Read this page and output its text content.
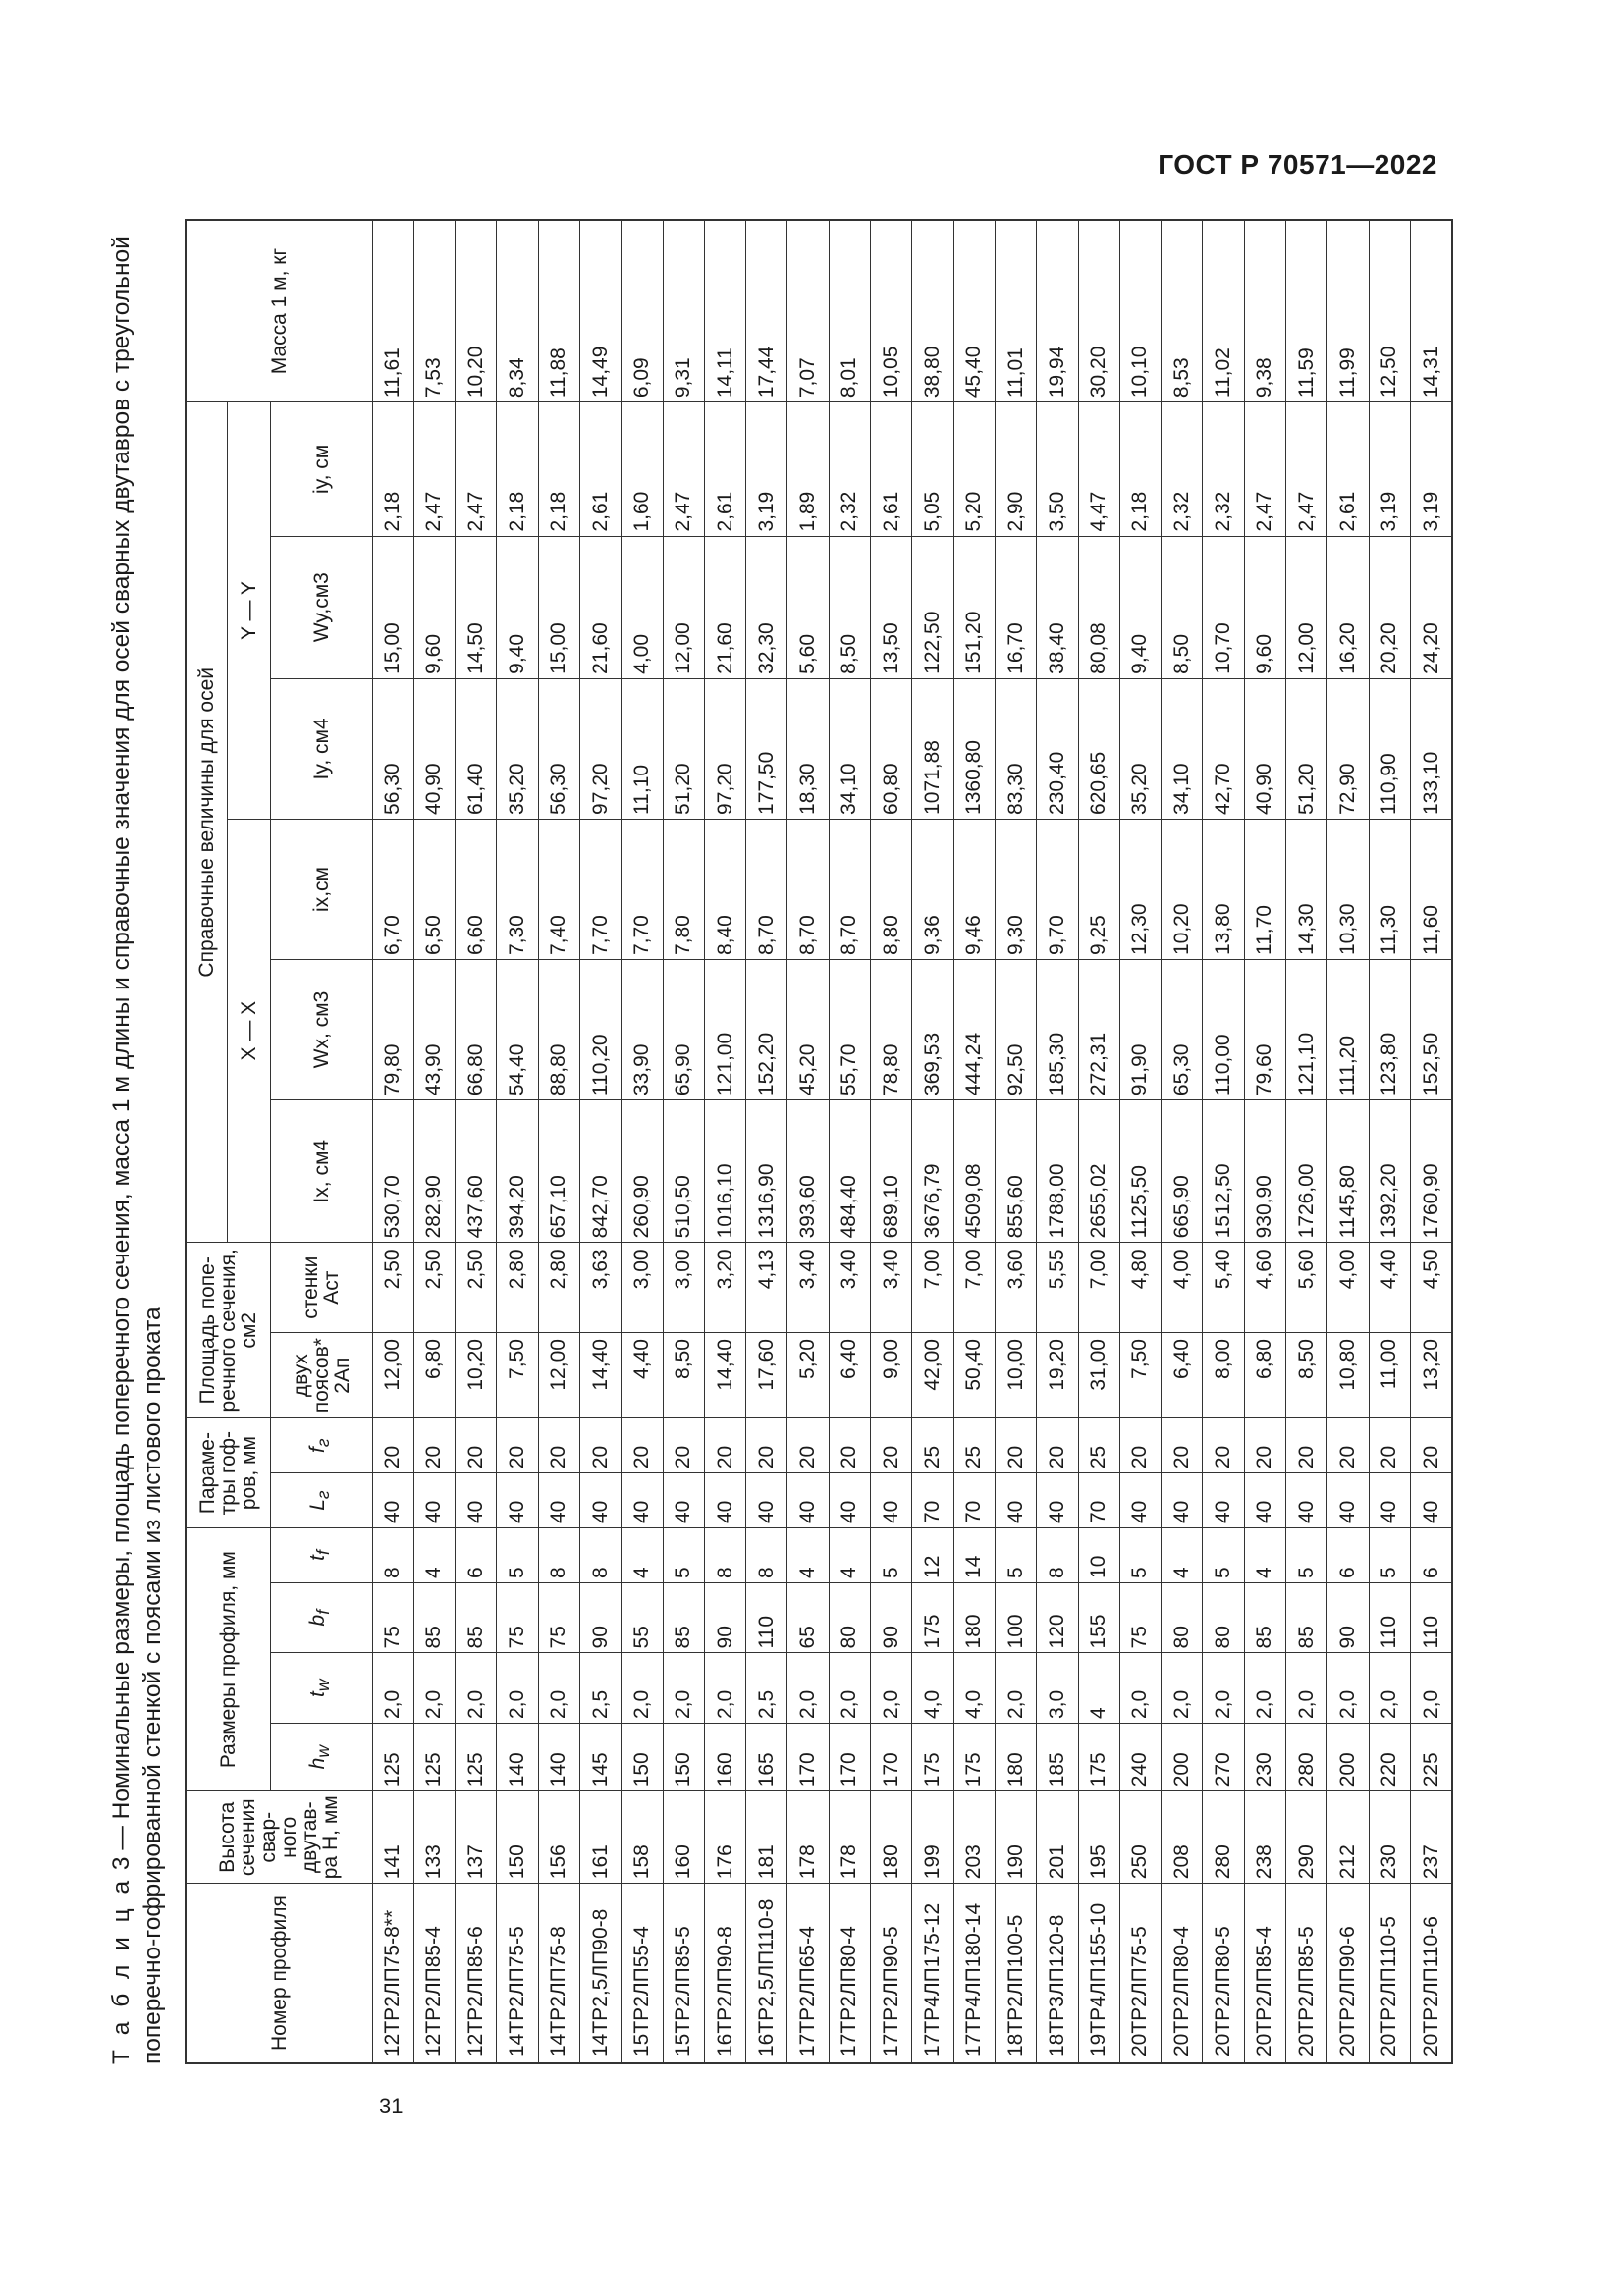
ГОСТ Р 70571—2022
Т а б л и ц а 3 — Номинальные размеры, площадь поперечного сечения, масса 1 м длины и справочные значения для осей сварных двутавров с треугольной поперечно-гофрированной стенкой с поясами из листового проката	Номер профиля	Высота сечения сварного двутавра H, мм	Размеры профиля, мм				Параметры гофров, мм		Площадь поперечного сечения, см2		Справочные величины для осей						Масса 1 м, кг
										X — X			Y — Y			
		$h_w$	$t_w$	$b_f$	$t_f$	$L_г$	$f_г$	двух поясов* 2Aп	стенки Aст	Ix, см4	Wx, см3	ix,см	Iy, см4	Wy,см3	iy, см	
12ТР2ЛП75-8**	141	125	2,0	75	8	40	20	12,00	2,50	530,70	79,80	6,70	56,30	15,00	2,18	11,61
12ТР2ЛП85-4	133	125	2,0	85	4	40	20	6,80	2,50	282,90	43,90	6,50	40,90	9,60	2,47	7,53
12ТР2ЛП85-6	137	125	2,0	85	6	40	20	10,20	2,50	437,60	66,80	6,60	61,40	14,50	2,47	10,20
14ТР2ЛП75-5	150	140	2,0	75	5	40	20	7,50	2,80	394,20	54,40	7,30	35,20	9,40	2,18	8,34
14ТР2ЛП75-8	156	140	2,0	75	8	40	20	12,00	2,80	657,10	88,80	7,40	56,30	15,00	2,18	11,88
14ТР2,5ЛП90-8	161	145	2,5	90	8	40	20	14,40	3,63	842,70	110,20	7,70	97,20	21,60	2,61	14,49
15ТР2ЛП55-4	158	150	2,0	55	4	40	20	4,40	3,00	260,90	33,90	7,70	11,10	4,00	1,60	6,09
15ТР2ЛП85-5	160	150	2,0	85	5	40	20	8,50	3,00	510,50	65,90	7,80	51,20	12,00	2,47	9,31
16ТР2ЛП90-8	176	160	2,0	90	8	40	20	14,40	3,20	1016,10	121,00	8,40	97,20	21,60	2,61	14,11
16ТР2,5ЛП110-8	181	165	2,5	110	8	40	20	17,60	4,13	1316,90	152,20	8,70	177,50	32,30	3,19	17,44
17ТР2ЛП65-4	178	170	2,0	65	4	40	20	5,20	3,40	393,60	45,20	8,70	18,30	5,60	1,89	7,07
17ТР2ЛП80-4	178	170	2,0	80	4	40	20	6,40	3,40	484,40	55,70	8,70	34,10	8,50	2,32	8,01
17ТР2ЛП90-5	180	170	2,0	90	5	40	20	9,00	3,40	689,10	78,80	8,80	60,80	13,50	2,61	10,05
17ТР4ЛП175-12	199	175	4,0	175	12	70	25	42,00	7,00	3676,79	369,53	9,36	1071,88	122,50	5,05	38,80
17ТР4ЛП180-14	203	175	4,0	180	14	70	25	50,40	7,00	4509,08	444,24	9,46	1360,80	151,20	5,20	45,40
18ТР2ЛП100-5	190	180	2,0	100	5	40	20	10,00	3,60	855,60	92,50	9,30	83,30	16,70	2,90	11,01
18ТР3ЛП120-8	201	185	3,0	120	8	40	20	19,20	5,55	1788,00	185,30	9,70	230,40	38,40	3,50	19,94
19ТР4ЛП155-10	195	175	4	155	10	70	25	31,00	7,00	2655,02	272,31	9,25	620,65	80,08	4,47	30,20
20ТР2ЛП75-5	250	240	2,0	75	5	40	20	7,50	4,80	1125,50	91,90	12,30	35,20	9,40	2,18	10,10
20ТР2ЛП80-4	208	200	2,0	80	4	40	20	6,40	4,00	665,90	65,30	10,20	34,10	8,50	2,32	8,53
20ТР2ЛП80-5	280	270	2,0	80	5	40	20	8,00	5,40	1512,50	110,00	13,80	42,70	10,70	2,32	11,02
20ТР2ЛП85-4	238	230	2,0	85	4	40	20	6,80	4,60	930,90	79,60	11,70	40,90	9,60	2,47	9,38
20ТР2ЛП85-5	290	280	2,0	85	5	40	20	8,50	5,60	1726,00	121,10	14,30	51,20	12,00	2,47	11,59
20ТР2ЛП90-6	212	200	2,0	90	6	40	20	10,80	4,00	1145,80	111,20	10,30	72,90	16,20	2,61	11,99
20ТР2ЛП110-5	230	220	2,0	110	5	40	20	11,00	4,40	1392,20	123,80	11,30	110,90	20,20	3,19	12,50
20ТР2ЛП110-6	237	225	2,0	110	6	40	20	13,20	4,50	1760,90	152,50	11,60	133,10	24,20	3,19	14,31
31
